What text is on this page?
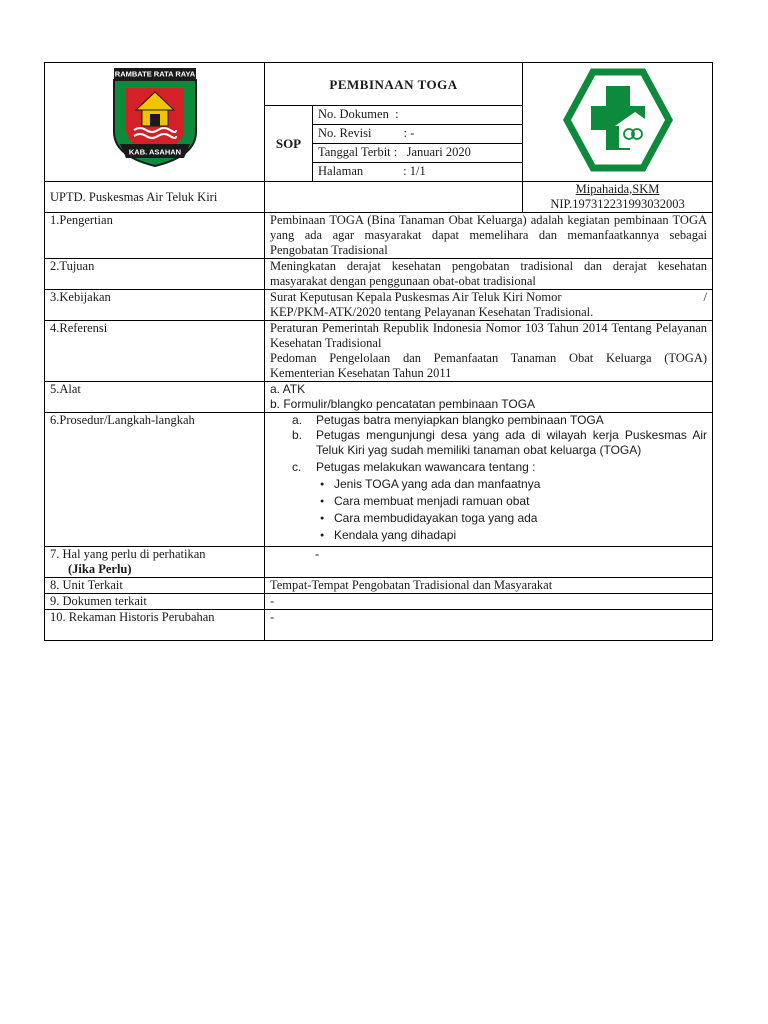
RAMBATE RATA RAYA
KAB. ASAHAN
	PEMBINAAN TOGA	
SOP	
No. Dokumen :
No. Revisi	: -
Tanggal Terbit : Januari 2020
Halaman	: 1/1

UPTD. Puskesmas Air Teluk Kiri		
Mipahaida,SKM
NIP.197312231993032003

1.Pengertian	Pembinaan TOGA (Bina Tanaman Obat Keluarga) adalah kegiatan pembinaan TOGA yang ada agar masyarakat dapat memelihara dan memanfaatkannya sebagai Pengobatan Tradisional
2.Tujuan	Meningkatan derajat kesehatan pengobatan tradisional dan derajat kesehatan masyarakat dengan penggunaan obat-obat tradisional
3.Kebijakan	Surat Keputusan Kepala Puskesmas Air Teluk Kiri Nomor	/
KEP/PKM-ATK/2020 tentang Pelayanan Kesehatan Tradisional.

4.Referensi	Peraturan Pemerintah Republik Indonesia Nomor 103 Tahun 2014 Tentang Pelayanan Kesehatan Tradisional
Pedoman Pengelolaan dan Pemanfaatan Tanaman Obat Keluarga (TOGA) Kementerian Kesehatan Tahun 2011

5.Alat	a. ATK
b. Formulir/blangko pencatatan pembinaan TOGA

6.Prosedur/Langkah-langkah	a. Petugas batra menyiapkan blangko pembinaan TOGA
b. Petugas mengunjungi desa yang ada di wilayah kerja Puskesmas Air Teluk Kiri yag sudah memiliki tanaman obat keluarga (TOGA)
c. Petugas melakukan wawancara tentang :
● Jenis TOGA yang ada dan manfaatnya
● Cara membuat menjadi ramuan obat
● Cara membudidayakan toga yang ada
● Kendala yang dihadapi

7. Hal yang perlu di perhatikan
(Jika Perlu)
	-
8. Unit Terkait	Tempat-Tempat Pengobatan Tradisional dan Masyarakat
9. Dokumen terkait	-
10. Rekaman Historis Perubahan	-
